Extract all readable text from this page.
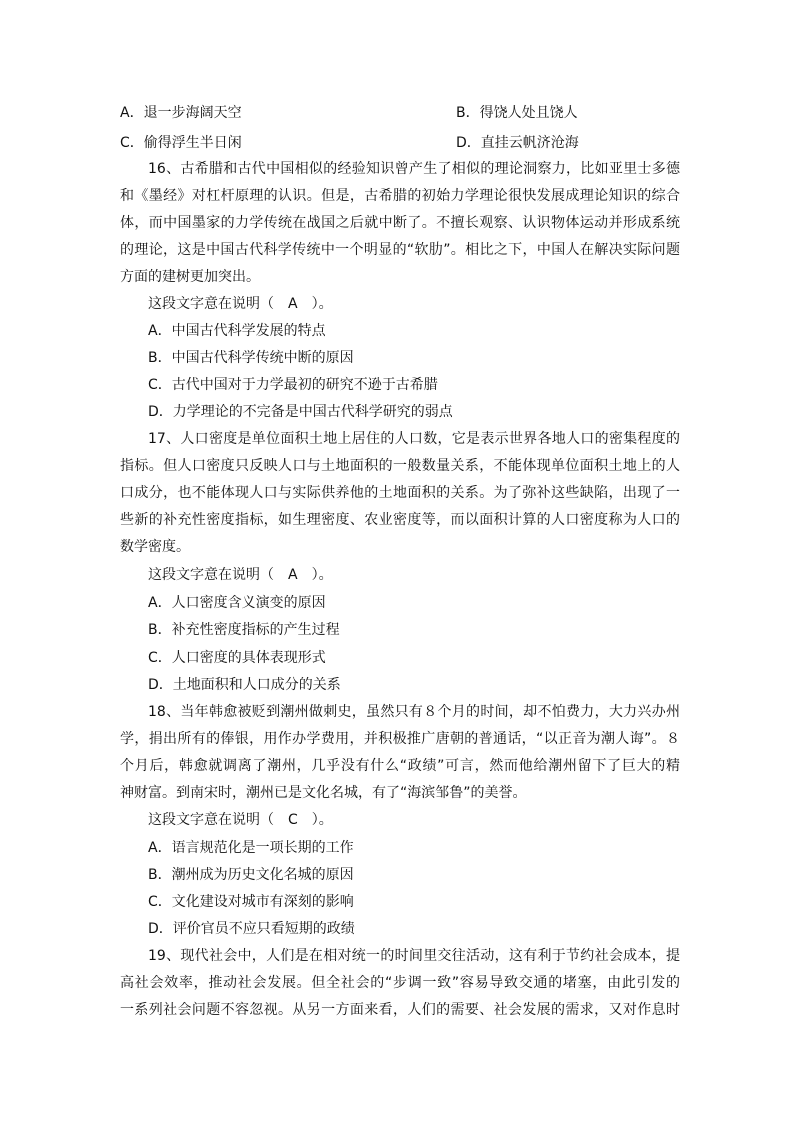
A．退一步海阔天空	B．得饶人处且饶人
C．偷得浮生半日闲	D．直挂云帆济沧海
16、古希腊和古代中国相似的经验知识曾产生了相似的理论洞察力，比如亚里士多德
和《墨经》对杠杆原理的认识。但是，古希腊的初始力学理论很快发展成理论知识的综合
体，而中国墨家的力学传统在战国之后就中断了。不擅长观察、认识物体运动并形成系统
的理论，这是中国古代科学传统中一个明显的“软肋”。相比之下，中国人在解决实际问题
方面的建树更加突出。
这段文字意在说明（　A　）。
A．中国古代科学发展的特点
B．中国古代科学传统中断的原因
C．古代中国对于力学最初的研究不逊于古希腊
D．力学理论的不完备是中国古代科学研究的弱点
17、人口密度是单位面积土地上居住的人口数，它是表示世界各地人口的密集程度的
指标。但人口密度只反映人口与土地面积的一般数量关系，不能体现单位面积土地上的人
口成分，也不能体现人口与实际供养他的土地面积的关系。为了弥补这些缺陷，出现了一
些新的补充性密度指标，如生理密度、农业密度等，而以面积计算的人口密度称为人口的
数学密度。
这段文字意在说明（　A　）。
A．人口密度含义演变的原因
B．补充性密度指标的产生过程
C．人口密度的具体表现形式
D．土地面积和人口成分的关系
18、当年韩愈被贬到潮州做刺史，虽然只有８个月的时间，却不怕费力，大力兴办州
学，捐出所有的俸银，用作办学费用，并积极推广唐朝的普通话，“以正音为潮人诲”。８
个月后，韩愈就调离了潮州，几乎没有什么“政绩”可言，然而他给潮州留下了巨大的精
神财富。到南宋时，潮州已是文化名城，有了“海滨邹鲁”的美誉。
这段文字意在说明（　C　）。
A．语言规范化是一项长期的工作
B．潮州成为历史文化名城的原因
C．文化建设对城市有深刻的影响
D．评价官员不应只看短期的政绩
19、现代社会中，人们是在相对统一的时间里交往活动，这有利于节约社会成本，提
高社会效率，推动社会发展。但全社会的“步调一致”容易导致交通的堵塞，由此引发的
一系列社会问题不容忽视。从另一方面来看，人们的需要、社会发展的需求，又对作息时
